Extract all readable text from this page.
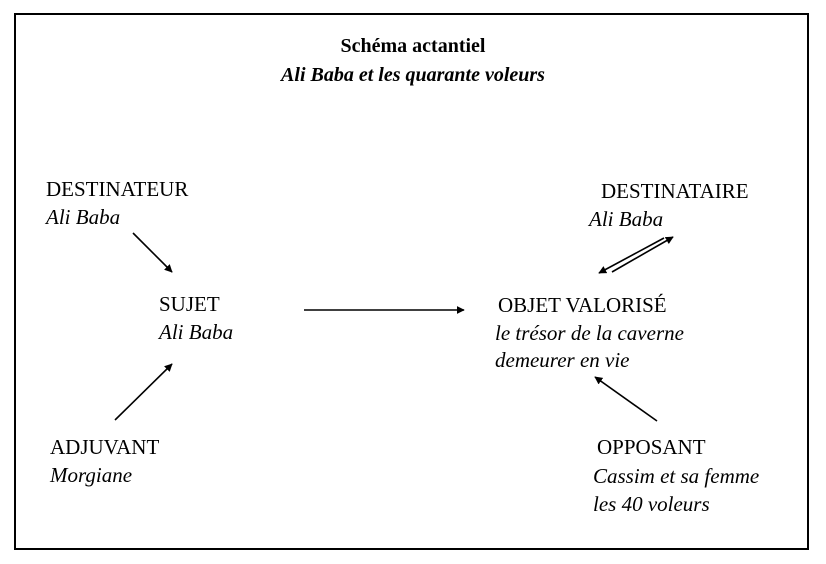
Schéma actantiel
Ali Baba et les quarante voleurs
DESTINATEUR
Ali Baba
DESTINATAIRE
Ali Baba
SUJET
Ali Baba
OBJET VALORISÉ
le trésor de la caverne
demeurer en vie
ADJUVANT
Morgiane
OPPOSANT
Cassim et sa femme
les 40 voleurs
